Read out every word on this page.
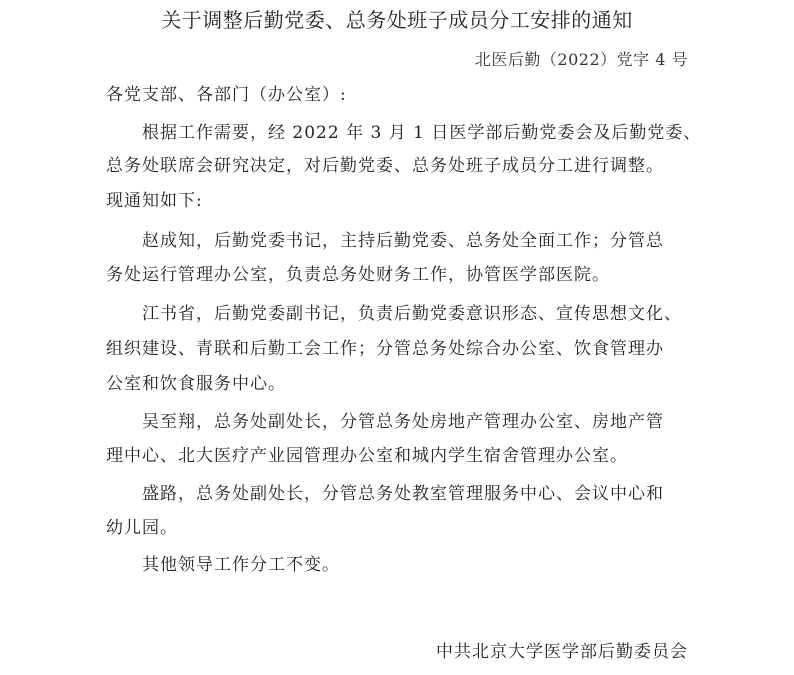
关于调整后勤党委、总务处班子成员分工安排的通知
北医后勤（2022）党字 4 号
各党支部、各部门（办公室）:
根据工作需要，经 2022 年 3 月 1 日医学部后勤党委会及后勤党委、
总务处联席会研究决定，对后勤党委、总务处班子成员分工进行调整。
现通知如下:
赵成知，后勤党委书记，主持后勤党委、总务处全面工作；分管总
务处运行管理办公室，负责总务处财务工作，协管医学部医院。
江书省，后勤党委副书记，负责后勤党委意识形态、宣传思想文化、
组织建设、青联和后勤工会工作；分管总务处综合办公室、饮食管理办
公室和饮食服务中心。
吴至翔，总务处副处长，分管总务处房地产管理办公室、房地产管
理中心、北大医疗产业园管理办公室和城内学生宿舍管理办公室。
盛路，总务处副处长，分管总务处教室管理服务中心、会议中心和
幼儿园。
其他领导工作分工不变。
中共北京大学医学部后勤委员会
